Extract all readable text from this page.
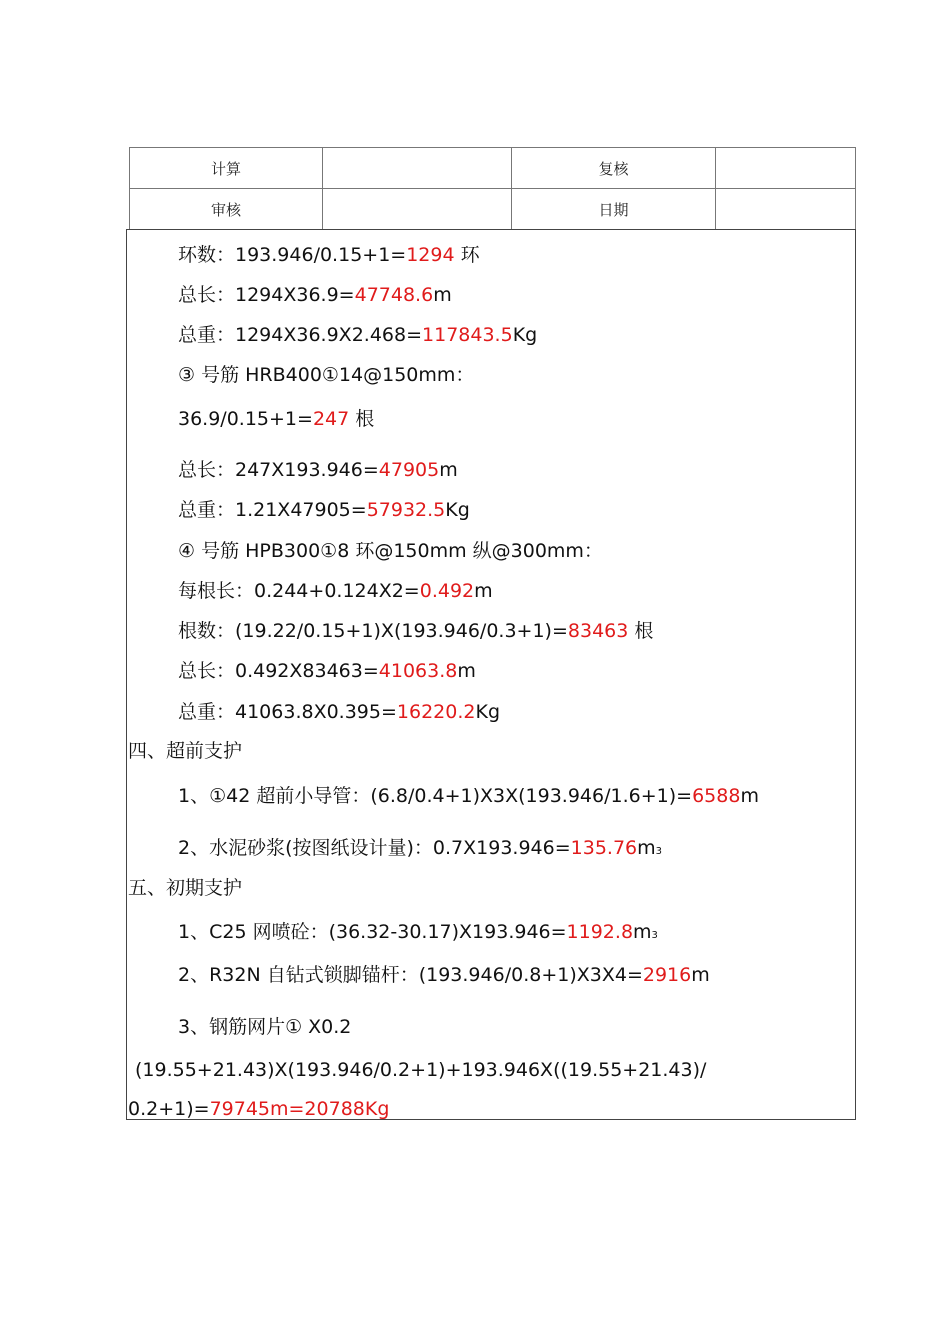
计算		复核	
审核		日期	
环数：193.946/0.15+1=1294 环
总长：1294X36.9=47748.6m
总重：1294X36.9X2.468=117843.5Kg
③ 号筋 HRB400①14@150mm：
36.9/0.15+1=247 根
总长：247X193.946=47905m
总重：1.21X47905=57932.5Kg
④ 号筋 HPB300①8 环@150mm 纵@300mm：
每根长：0.244+0.124X2=0.492m
根数：(19.22/0.15+1)X(193.946/0.3+1)=83463 根
总长：0.492X83463=41063.8m
总重：41063.8X0.395=16220.2Kg
四、超前支护
1、①42 超前小导管：(6.8/0.4+1)X3X(193.946/1.6+1)=6588m
2、水泥砂浆(按图纸设计量)：0.7X193.946=135.76m3
五、初期支护
1、C25 网喷砼：(36.32-30.17)X193.946=1192.8m3
2、R32N 自钻式锁脚锚杆：(193.946/0.8+1)X3X4=2916m
3、钢筋网片① X0.2
(19.55+21.43)X(193.946/0.2+1)+193.946X((19.55+21.43)/
0.2+1)=79745m=20788Kg
